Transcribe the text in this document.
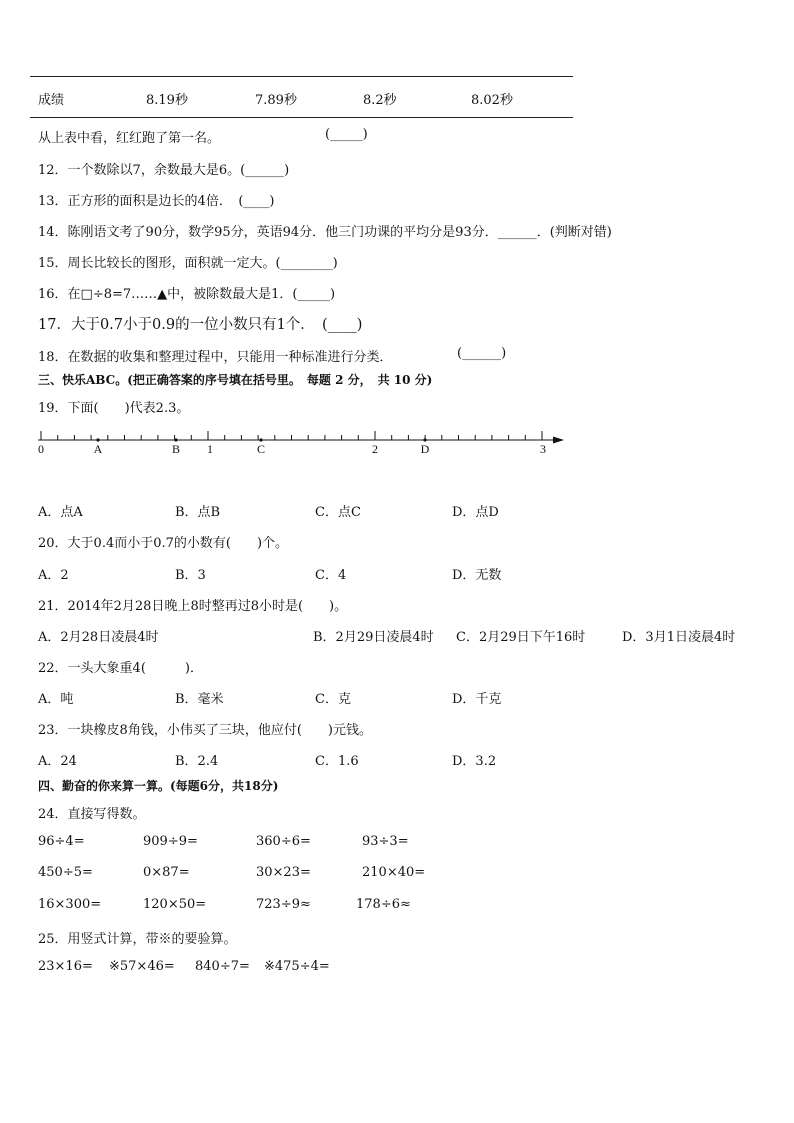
成绩	8.19秒	7.89秒	8.2秒	8.02秒
从上表中看，红红跑了第一名。	(_____)
12．一个数除以7，余数最大是6。(______)
13．正方形的面积是边长的4倍．　(____)
14．陈刚语文考了90分，数学95分，英语94分．他三门功课的平均分是93分．______．(判断对错)
15．周长比较长的图形，面积就一定大。(________)
16．在□÷8=7……▲中，被除数最大是1．(_____)
17．大于0.7小于0.9的一位小数只有1个．　(____)
18．在数据的收集和整理过程中，只能用一种标准进行分类．	(______)
三、快乐ABC。(把正确答案的序号填在括号里。　每题 2 分，　共 10 分)
19．下面(　　)代表2.3。
0	A	B 1	C	2	D	3
A．点A	B．点B	C．点C	D．点D
20．大于0.4而小于0.7的小数有(　　)个。
A．2	B．3	C．4	D．无数
21．2014年2月28日晚上8时整再过8小时是(　　)。
A．2月28日凌晨4时	B．2月29日凌晨4时 C．2月29日下午16时	D．3月1日凌晨4时
22．一头大象重4(　　　)．
A．吨	B．毫米	C．克	D．千克
23．一块橡皮8角钱，小伟买了三块，他应付(　　)元钱。
A．24	B．2.4	C．1.6	D．3.2
四、勤奋的你来算一算。(每题6分，共18分)
24．直接写得数。
96÷4=	909÷9=	360÷6=	93÷3=
450÷5=	0×87=	30×23=	210×40=
16×300=	120×50=	723÷9≈	178÷6≈
25．用竖式计算，带※的要验算。
23×16= ※57×46= 840÷7= ※475÷4=
